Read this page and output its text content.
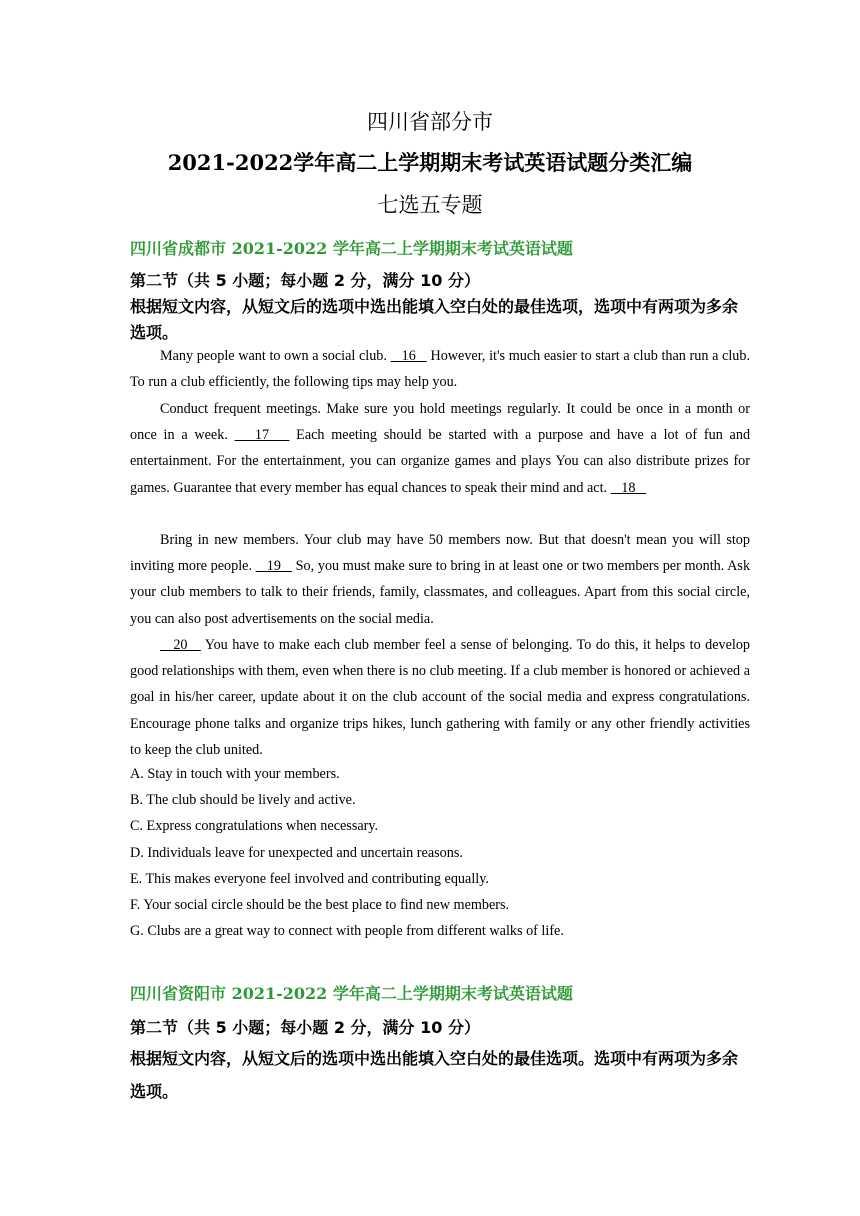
四川省部分市
2021-2022学年高二上学期期末考试英语试题分类汇编
七选五专题
四川省成都市 2021-2022 学年高二上学期期末考试英语试题
第二节（共 5 小题；每小题 2 分，满分 10 分）
根据短文内容，从短文后的选项中选出能填入空白处的最佳选项，选项中有两项为多余选项。
Many people want to own a social club. 16 However, it's much easier to start a club than run a club. To run a club efficiently, the following tips may help you.
Conduct frequent meetings. Make sure you hold meetings regularly. It could be once in a month or once in a week. 17 Each meeting should be started with a purpose and have a lot of fun and entertainment. For the entertainment, you can organize games and plays You can also distribute prizes for games. Guarantee that every member has equal chances to speak their mind and act. 18
Bring in new members. Your club may have 50 members now. But that doesn't mean you will stop inviting more people. 19 So, you must make sure to bring in at least one or two members per month. Ask your club members to talk to their friends, family, classmates, and colleagues. Apart from this social circle, you can also post advertisements on the social media.
20 You have to make each club member feel a sense of belonging. To do this, it helps to develop good relationships with them, even when there is no club meeting. If a club member is honored or achieved a goal in his/her career, update about it on the club account of the social media and express congratulations. Encourage phone talks and organize trips hikes, lunch gathering with family or any other friendly activities to keep the club united.
A. Stay in touch with your members.
B. The club should be lively and active.
C. Express congratulations when necessary.
D. Individuals leave for unexpected and uncertain reasons.
E. This makes everyone feel involved and contributing equally.
F. Your social circle should be the best place to find new members.
G. Clubs are a great way to connect with people from different walks of life.
四川省资阳市 2021-2022 学年高二上学期期末考试英语试题
第二节（共 5 小题；每小题 2 分，满分 10 分）
根据短文内容，从短文后的选项中选出能填入空白处的最佳选项。选项中有两项为多余选项。
